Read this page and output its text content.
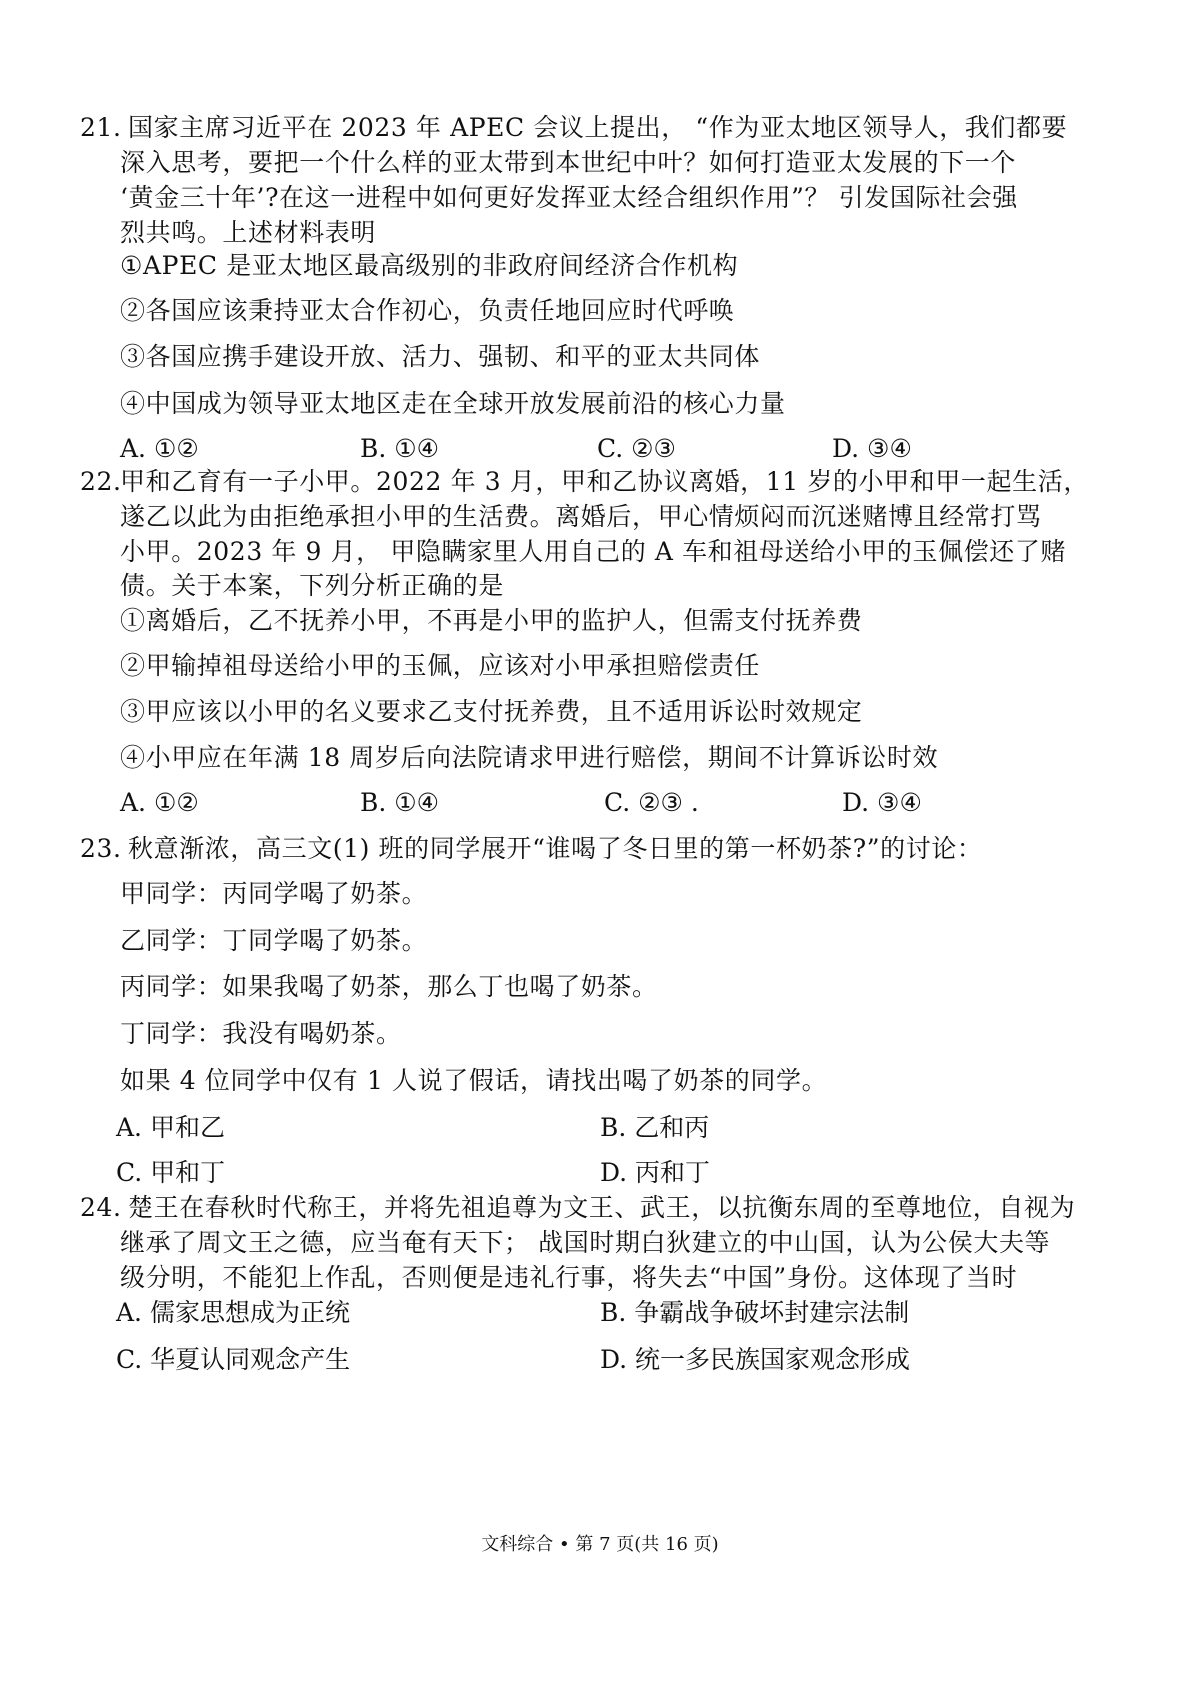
21. 国家主席习近平在 2023 年 APEC 会议上提出， “作为亚太地区领导人，我们都要
深入思考，要把一个什么样的亚太带到本世纪中叶？如何打造亚太发展的下一个
‘黄金三十年’?在这一进程中如何更好发挥亚太经合组织作用”？ 引发国际社会强
烈共鸣。上述材料表明
①APEC 是亚太地区最高级别的非政府间经济合作机构
②各国应该秉持亚太合作初心，负责任地回应时代呼唤
③各国应携手建设开放、活力、强韧、和平的亚太共同体
④中国成为领导亚太地区走在全球开放发展前沿的核心力量
A. ①②	B. ①④	C. ②③	D. ③④
22.
甲和乙育有一子小甲。2022 年 3 月，甲和乙协议离婚，11 岁的小甲和甲一起生活，
遂乙以此为由拒绝承担小甲的生活费。离婚后，甲心情烦闷而沉迷赌博且经常打骂
小甲。2023 年 9 月， 甲隐瞒家里人用自己的 A 车和祖母送给小甲的玉佩偿还了赌
债。关于本案，下列分析正确的是
①离婚后，乙不抚养小甲，不再是小甲的监护人，但需支付抚养费
②甲输掉祖母送给小甲的玉佩，应该对小甲承担赔偿责任
③甲应该以小甲的名义要求乙支付抚养费，且不适用诉讼时效规定
④小甲应在年满 18 周岁后向法院请求甲进行赔偿，期间不计算诉讼时效
A. ①②	B. ①④	C. ②③ .	D. ③④
23. 秋意渐浓，高三文(1) 班的同学展开“谁喝了冬日里的第一杯奶茶?”的讨论：
甲同学：丙同学喝了奶茶。
乙同学：丁同学喝了奶茶。
丙同学：如果我喝了奶茶，那么丁也喝了奶茶。
丁同学：我没有喝奶茶。
如果 4 位同学中仅有 1 人说了假话，请找出喝了奶茶的同学。
A. 甲和乙	B. 乙和丙
C. 甲和丁	D. 丙和丁
24. 楚王在春秋时代称王，并将先祖追尊为文王、武王，以抗衡东周的至尊地位，自视为
继承了周文王之德，应当奄有天下； 战国时期白狄建立的中山国，认为公侯大夫等
级分明，不能犯上作乱，否则便是违礼行事，将失去“中国”身份。这体现了当时
A. 儒家思想成为正统	B. 争霸战争破坏封建宗法制
C. 华夏认同观念产生	D. 统一多民族国家观念形成
文科综合 • 第 7 页(共 16 页)
